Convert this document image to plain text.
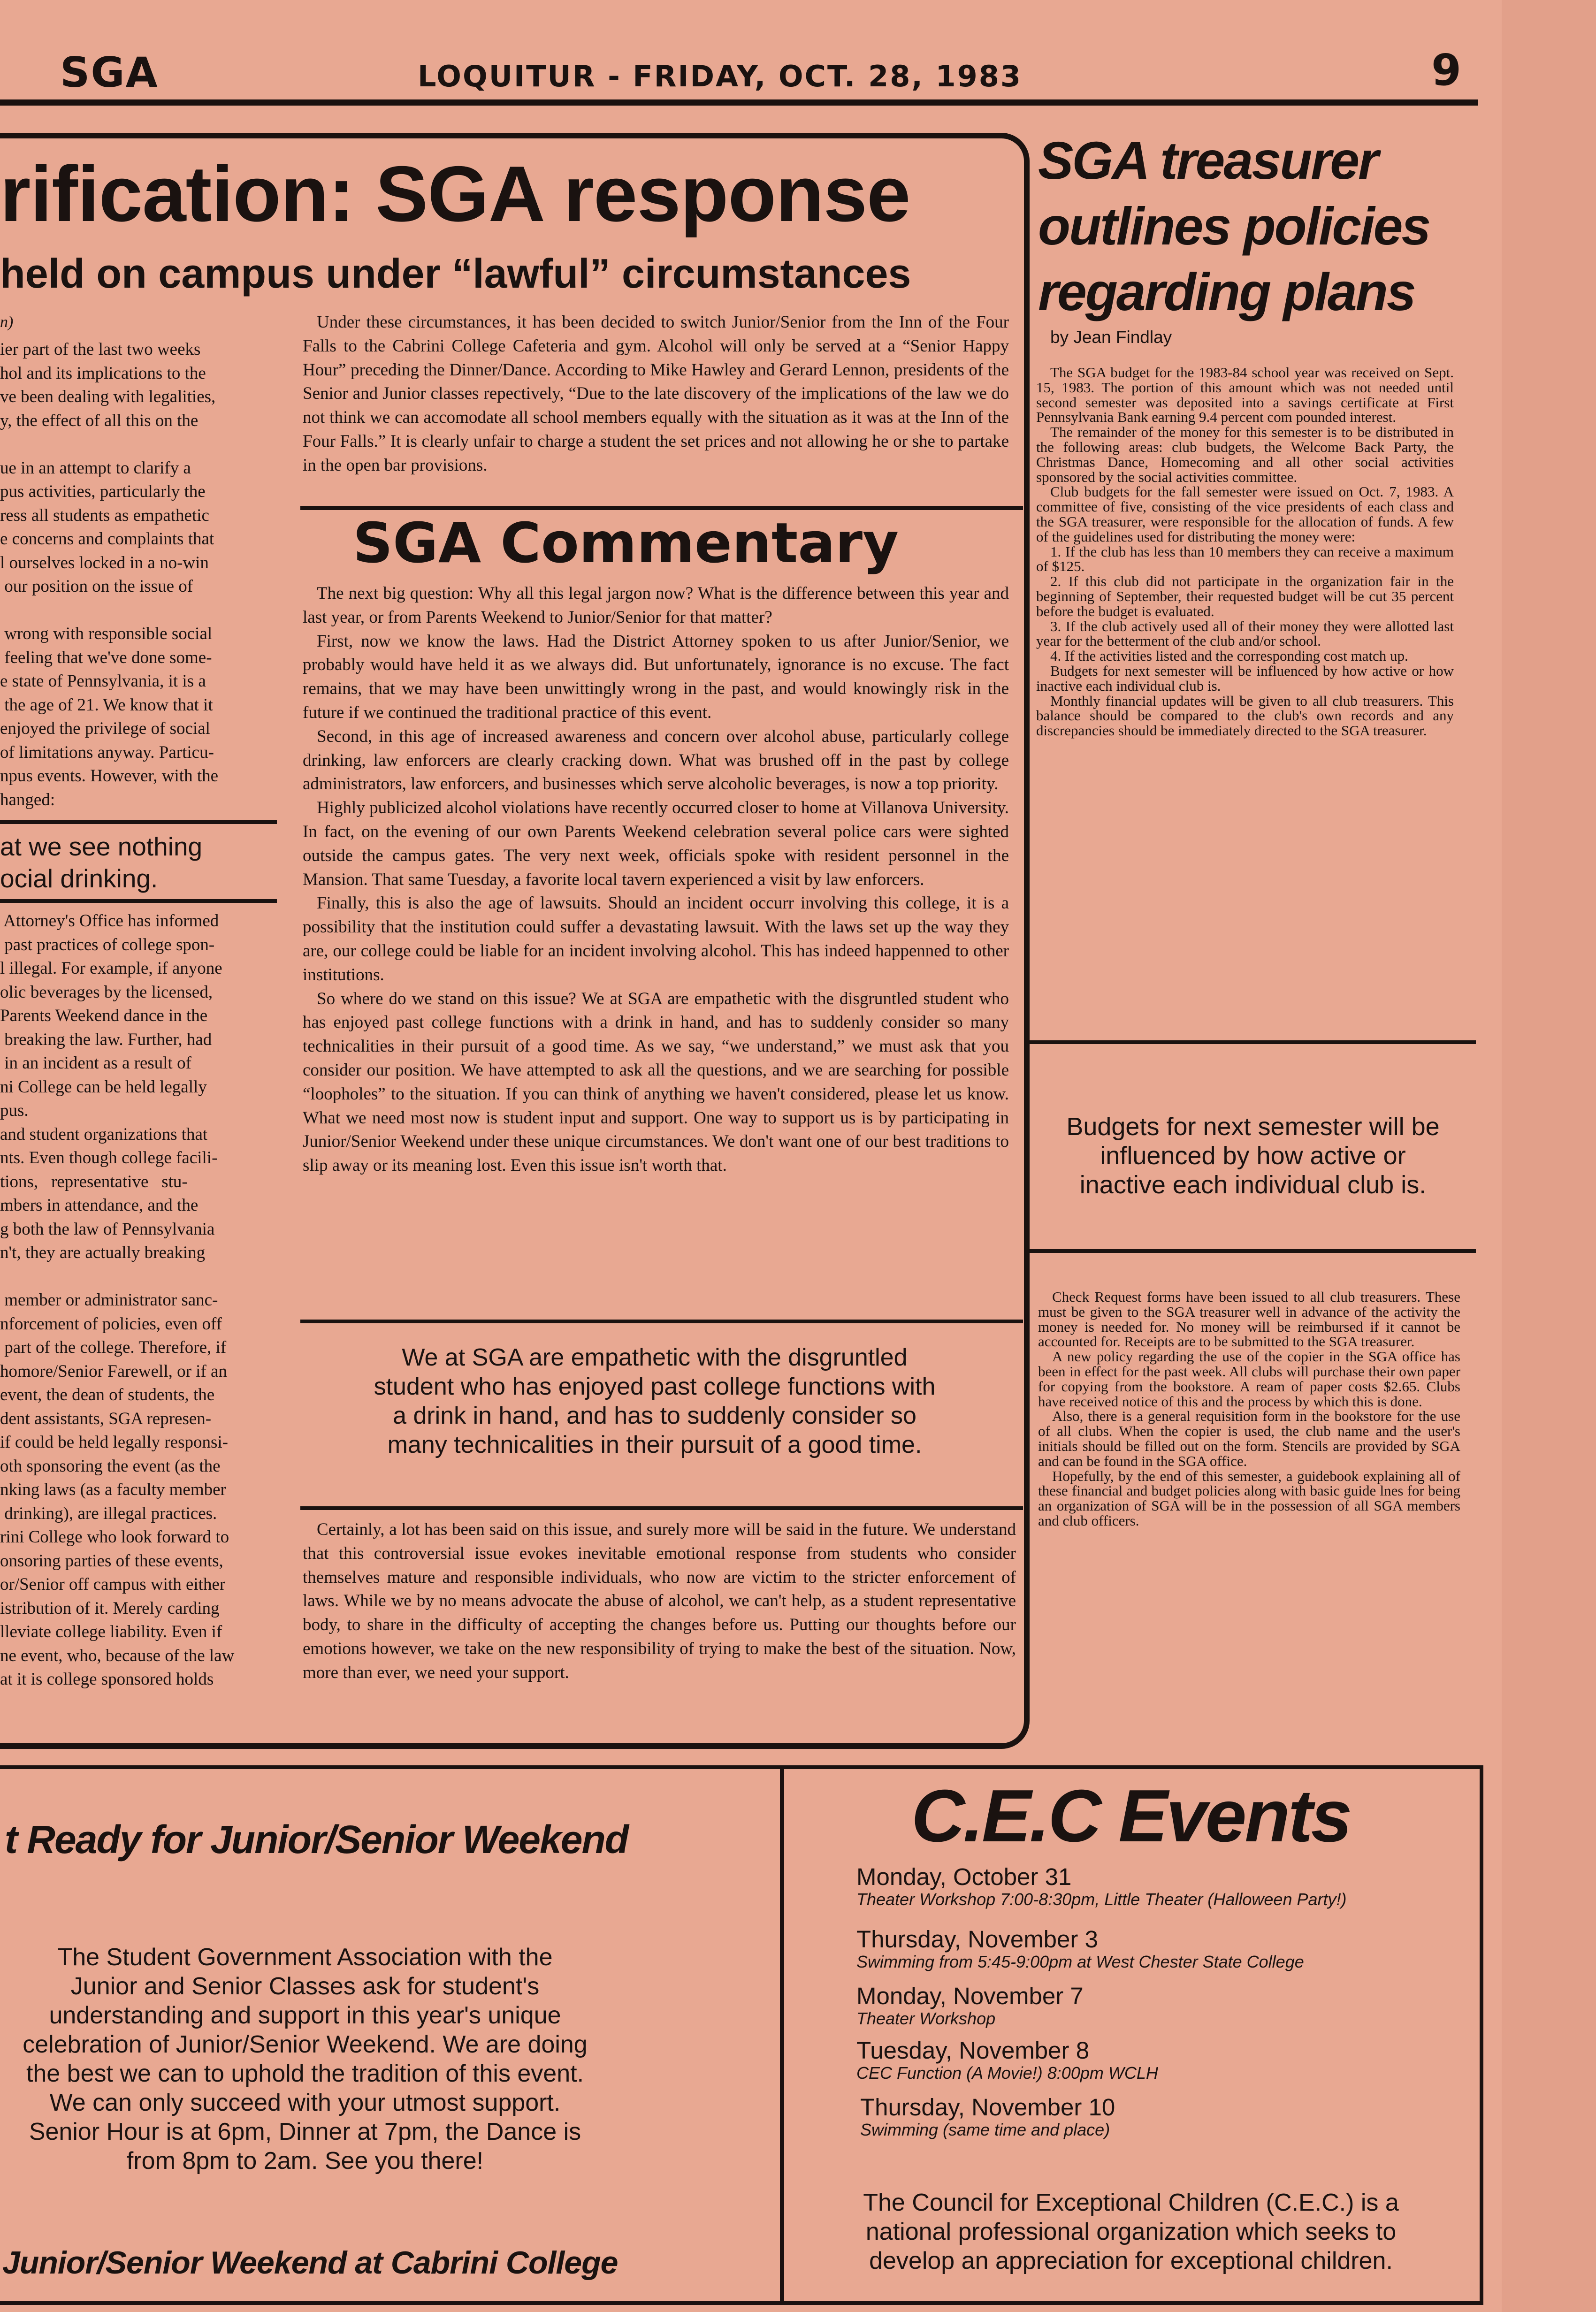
SGA	LOQUITUR - FRIDAY, OCT. 28, 1983	9
rification: SGA response
held on campus under “lawful” circumstances
n)
ier part of the last two weeks
hol and its implications to the
ve been dealing with legalities,
y, the effect of all this on the

ue in an attempt to clarify a
pus activities, particularly the
ress all students as empathetic
e concerns and complaints that
l ourselves locked in a no-win
our position on the issue of

wrong with responsible social
feeling that we've done some-
e state of Pennsylvania, it is a
the age of 21. We know that it
enjoyed the privilege of social
of limitations anyway. Particu-
npus events. However, with the
hanged:
at we see nothing
ocial drinking.
Attorney's Office has informed
past practices of college spon-
l illegal. For example, if anyone
olic beverages by the licensed,
Parents Weekend dance in the
breaking the law. Further, had
in an incident as a result of
ni College can be held legally
pus.
and student organizations that
nts. Even though college facili-
tions,   representative   stu-
mbers in attendance, and the
g both the law of Pennsylvania
n't, they are actually breaking

member or administrator sanc-
nforcement of policies, even off
part of the college. Therefore, if
homore/Senior Farewell, or if an
event, the dean of students, the
dent assistants, SGA represen-
if could be held legally responsi-
oth sponsoring the event (as the
nking laws (as a faculty member
drinking), are illegal practices.
rini College who look forward to
onsoring parties of these events,
or/Senior off campus with either
istribution of it. Merely carding
lleviate college liability. Even if
ne event, who, because of the law
at it is college sponsored holds

Under these circumstances, it has been decided to switch Junior/Senior from the Inn of the Four Falls to the Cabrini College Cafeteria and gym. Alcohol will only be served at a “Senior Happy Hour” preceding the Dinner/Dance. According to Mike Hawley and Gerard Lennon, presidents of the Senior and Junior classes repectively, “Due to the late discovery of the implications of the law we do not think we can accomodate all school members equally with the situation as it was at the Inn of the Four Falls.” It is clearly unfair to charge a student the set prices and not allowing he or she to partake in the open bar provisions.

SGA Commentary

The next big question: Why all this legal jargon now? What is the difference between this year and last year, or from Parents Weekend to Junior/Senior for that matter?

First, now we know the laws. Had the District Attorney spoken to us after Junior/Senior, we probably would have held it as we always did. But unfortunately, ignorance is no excuse. The fact remains, that we may have been unwittingly wrong in the past, and would knowingly risk in the future if we continued the traditional practice of this event.

Second, in this age of increased awareness and concern over alcohol abuse, particularly college drinking, law enforcers are clearly cracking down. What was brushed off in the past by college administrators, law enforcers, and businesses which serve alcoholic beverages, is now a top priority.

Highly publicized alcohol violations have recently occurred closer to home at Villanova University. In fact, on the evening of our own Parents Weekend celebration several police cars were sighted outside the campus gates. The very next week, officials spoke with resident personnel in the Mansion. That same Tuesday, a favorite local tavern experienced a visit by law enforcers.

Finally, this is also the age of lawsuits. Should an incident occurr involving this college, it is a possibility that the institution could suffer a devastating lawsuit. With the laws set up the way they are, our college could be liable for an incident involving alcohol. This has indeed happenned to other institutions.

So where do we stand on this issue? We at SGA are empathetic with the disgruntled student who has enjoyed past college functions with a drink in hand, and has to suddenly consider so many technicalities in their pursuit of a good time. As we say, “we understand,” we must ask that you consider our position. We have attempted to ask all the questions, and we are searching for possible “loopholes” to the situation. If you can think of anything we haven't considered, please let us know. What we need most now is student input and support. One way to support us is by participating in Junior/Senior Weekend under these unique circumstances. We don't want one of our best traditions to slip away or its meaning lost. Even this issue isn't worth that.

We at SGA are empathetic with the disgruntled student who has enjoyed past college functions with a drink in hand, and has to suddenly consider so many technicalities in their pursuit of a good time.

Certainly, a lot has been said on this issue, and surely more will be said in the future. We understand that this controversial issue evokes inevitable emotional response from students who consider themselves mature and responsible individuals, who now are victim to the stricter enforcement of laws. While we by no means advocate the abuse of alcohol, we can't help, as a student representative body, to share in the difficulty of accepting the changes before us. Putting our thoughts before our emotions however, we take on the new responsibility of trying to make the best of the situation. Now, more than ever, we need your support.

SGA treasurer outlines policies regarding plans
by Jean Findlay

The SGA budget for the 1983-84 school year was received on Sept. 15, 1983. The portion of this amount which was not needed until second semester was deposited into a savings certificate at First Pennsylvania Bank earning 9.4 percent com pounded interest.

The remainder of the money for this semester is to be distributed in the following areas: club budgets, the Welcome Back Party, the Christmas Dance, Homecoming and all other social activities sponsored by the social activities committee.

Club budgets for the fall semester were issued on Oct. 7, 1983. A committee of five, consisting of the vice presidents of each class and the SGA treasurer, were responsible for the allocation of funds. A few of the guidelines used for distributing the money were:

1. If the club has less than 10 members they can receive a maximum of $125.

2. If this club did not participate in the organization fair in the beginning of September, their requested budget will be cut 35 percent before the budget is evaluated.

3. If the club actively used all of their money they were allotted last year for the betterment of the club and/or school.

4. If the activities listed and the corresponding cost match up.

Budgets for next semester will be influenced by how active or how inactive each individual club is.

Monthly financial updates will be given to all club treasurers. This balance should be compared to the club's own records and any discrepancies should be immediately directed to the SGA treasurer.

Budgets for next semester will be influenced by how active or inactive each individual club is.

Check Request forms have been issued to all club treasurers. These must be given to the SGA treasurer well in advance of the activity the money is needed for. No money will be reimbursed if it cannot be accounted for. Receipts are to be submitted to the SGA treasurer.

A new policy regarding the use of the copier in the SGA office has been in effect for the past week. All clubs will purchase their own paper for copying from the bookstore. A ream of paper costs $2.65. Clubs have received notice of this and the process by which this is done.

Also, there is a general requisition form in the bookstore for the use of all clubs. When the copier is used, the club name and the user's initials should be filled out on the form. Stencils are provided by SGA and can be found in the SGA office.

Hopefully, by the end of this semester, a guidebook explaining all of these financial and budget policies along with basic guide lnes for being an organization of SGA will be in the possession of all SGA members and club officers.

t Ready for Junior/Senior Weekend
The Student Government Association with the
Junior and Senior Classes ask for student's
understanding and support in this year's unique
celebration of Junior/Senior Weekend. We are doing
the best we can to uphold the tradition of this event.
We can only succeed with your utmost support.
Senior Hour is at 6pm, Dinner at 7pm, the Dance is
from 8pm to 2am. See you there!
Junior/Senior Weekend at Cabrini College
C.E.C Events
Monday, October 31
Theater Workshop 7:00-8:30pm, Little Theater (Halloween Party!)
Thursday, November 3
Swimming from 5:45-9:00pm at West Chester State College
Monday, November 7
Theater Workshop
Tuesday, November 8
CEC Function (A Movie!) 8:00pm WCLH
Thursday, November 10
Swimming (same time and place)
The Council for Exceptional Children (C.E.C.) is a
national professional organization which seeks to
develop an appreciation for exceptional children.
